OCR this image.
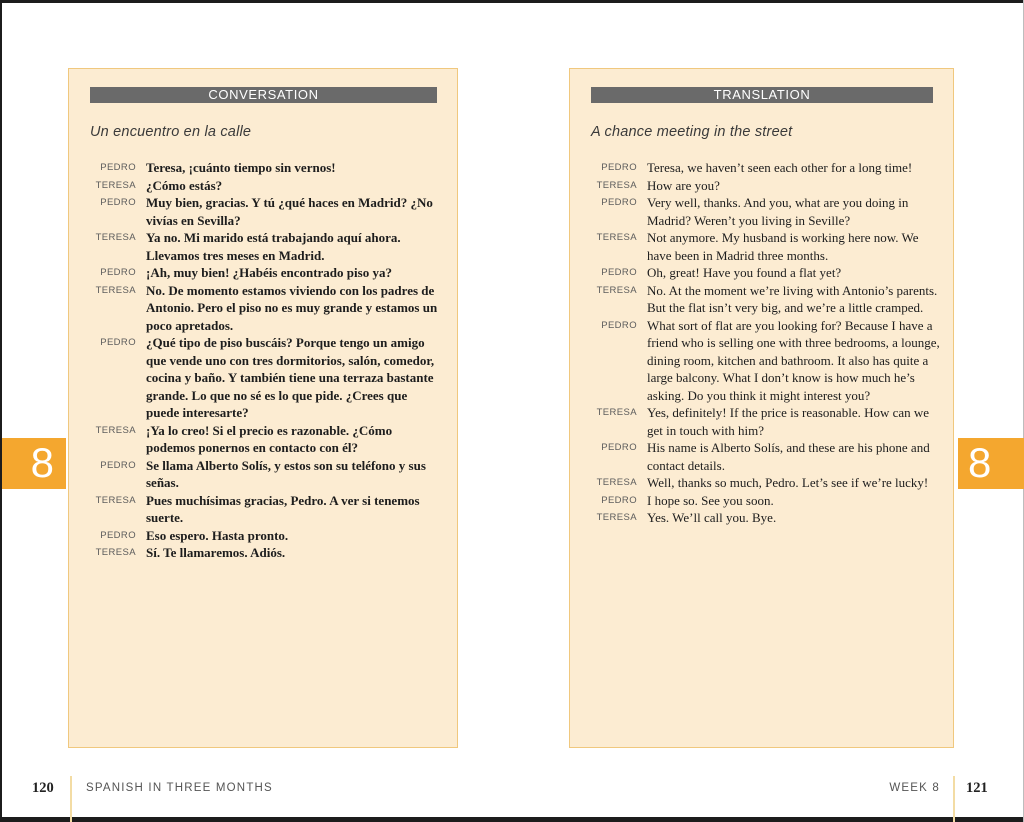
CONVERSATION
Un encuentro en la calle
PEDRO Teresa, ¡cuánto tiempo sin vernos!
TERESA ¿Cómo estás?
PEDRO Muy bien, gracias. Y tú ¿qué haces en Madrid? ¿No vivías en Sevilla?
TERESA Ya no. Mi marido está trabajando aquí ahora. Llevamos tres meses en Madrid.
PEDRO ¡Ah, muy bien! ¿Habéis encontrado piso ya?
TERESA No. De momento estamos viviendo con los padres de Antonio. Pero el piso no es muy grande y estamos un poco apretados.
PEDRO ¿Qué tipo de piso buscáis? Porque tengo un amigo que vende uno con tres dormitorios, salón, comedor, cocina y baño. Y también tiene una terraza bastante grande. Lo que no sé es lo que pide. ¿Crees que puede interesarte?
TERESA ¡Ya lo creo! Si el precio es razonable. ¿Cómo podemos ponernos en contacto con él?
PEDRO Se llama Alberto Solís, y estos son su teléfono y sus señas.
TERESA Pues muchísimas gracias, Pedro. A ver si tenemos suerte.
PEDRO Eso espero. Hasta pronto.
TERESA Sí. Te llamaremos. Adiós.
TRANSLATION
A chance meeting in the street
PEDRO Teresa, we haven’t seen each other for a long time!
TERESA How are you?
PEDRO Very well, thanks. And you, what are you doing in Madrid? Weren’t you living in Seville?
TERESA Not anymore. My husband is working here now. We have been in Madrid three months.
PEDRO Oh, great! Have you found a flat yet?
TERESA No. At the moment we’re living with Antonio’s parents. But the flat isn’t very big, and we’re a little cramped.
PEDRO What sort of flat are you looking for? Because I have a friend who is selling one with three bedrooms, a lounge, dining room, kitchen and bathroom. It also has quite a large balcony. What I don’t know is how much he’s asking. Do you think it might interest you?
TERESA Yes, definitely! If the price is reasonable. How can we get in touch with him?
PEDRO His name is Alberto Solís, and these are his phone and contact details.
TERESA Well, thanks so much, Pedro. Let’s see if we’re lucky!
PEDRO I hope so. See you soon.
TERESA Yes. We’ll call you. Bye.
8	8
120	SPANISH IN THREE MONTHS	WEEK 8 121
